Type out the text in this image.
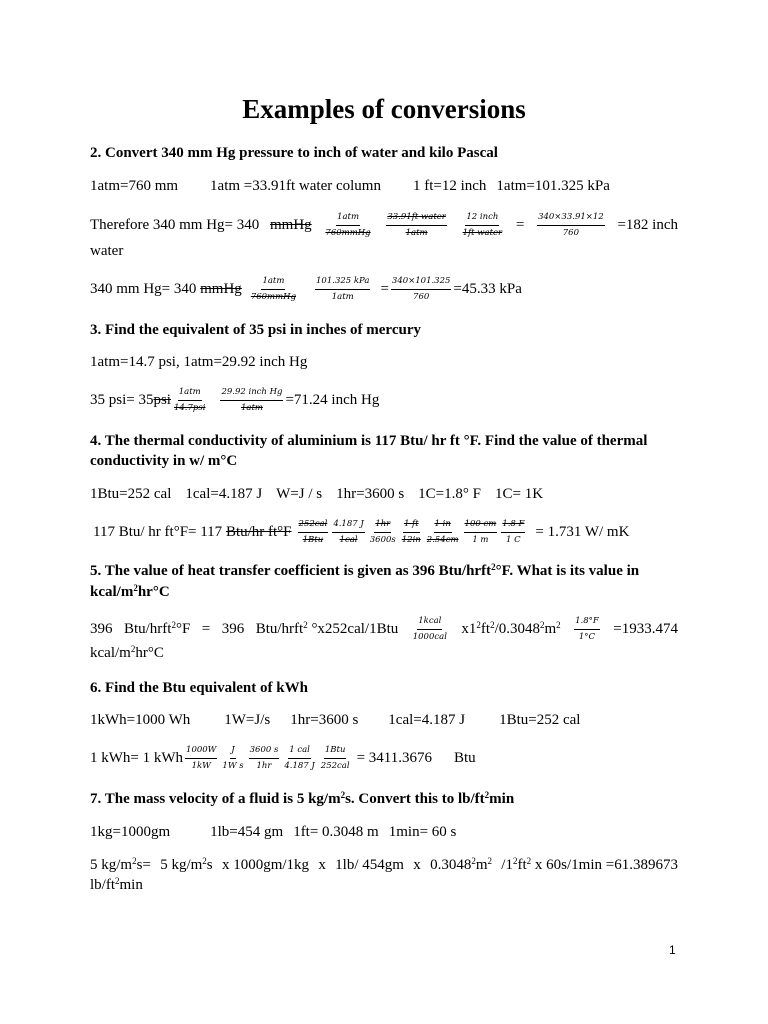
Examples of conversions
2. Convert 340 mm Hg pressure to inch of water and kilo Pascal
1atm=760 mm 1atm =33.91ft water column 1 ft=12 inch 1atm=101.325 kPa
Therefore 340 mm Hg= 340 mmHg
1atm
760mmHg
33.91ft water
1atm
12 inch
1ft water = $\frac{340\times 33.91\times 12}{760} =182$ inch
water
340 mm Hg= 340
mmHg
1atm
760mmHg
101.325 kPa
$1atm = \frac{340\times 101.325}{760} =45.33$ kPa
3. Find the equivalent of 35 psi in inches of mercury
1atm=14.7 psi, 1atm=29.92 inch Hg
35 psi= 35 psi
1atm
14.7psi
29.92 inch Hg
1atm =71.24 inch Hg
4. The thermal conductivity of aluminium is 117 Btu/ hr ft °F. Find the value of thermal
conductivity in w/ m°C
1Btu=252 cal 1cal=4.187 J W=J / s 1hr=3600 s 1C=1.8° F 1C= 1K
117 Btu/ hr ft°F= 117
Btu/hr ft°F
252cal
1Btu
4.187 J
1cal
1hr
3600s
1 ft
12in
1 in
2.54cm
100 cm
1 m
1.8 F
1 C = 1.731 W/ mK
5. The value of heat transfer coefficient is given as 396 Btu/hrft$^2$°F. What is its value in
kcal/$m^2hr^\circ C$
396 Btu/hrft$^2$°F = 396 Btu/hrft$^2$ °x252cal/1Btu
1kcal
1000cal $x1^2ft^2/0.3048^2m^2 \frac{1.8^\circ F}{1^\circ C} =1933.474$
kcal/$m^2hr^\circ C$
6. Find the Btu equivalent of kWh
1kWh=1000 Wh 1W=J/s 1hr=3600 s 1cal=4.187 J 1Btu=252 cal
1 kWh= 1 kWh
1000W
1kW
J
1W s
3600 s
1hr
1 cal
4.187 J
1Btu
252cal = 3411.3676 Btu
7. The mass velocity of a fluid is 5 $kg/m^2s$. Convert this to $lb/ft^2\min$
1kg=1000gm	1lb=454 gm 1ft= 0.3048 m 1min= 60 s
5 $kg/m^2s= 5$ $kg/m^2s$ x 1000gm/1kg x 1lb/ 454gm x $0.3048^2m^2$ $/1^2ft^2$ x 60s/1min =61.389673
$lb/ft^2\min$
1
